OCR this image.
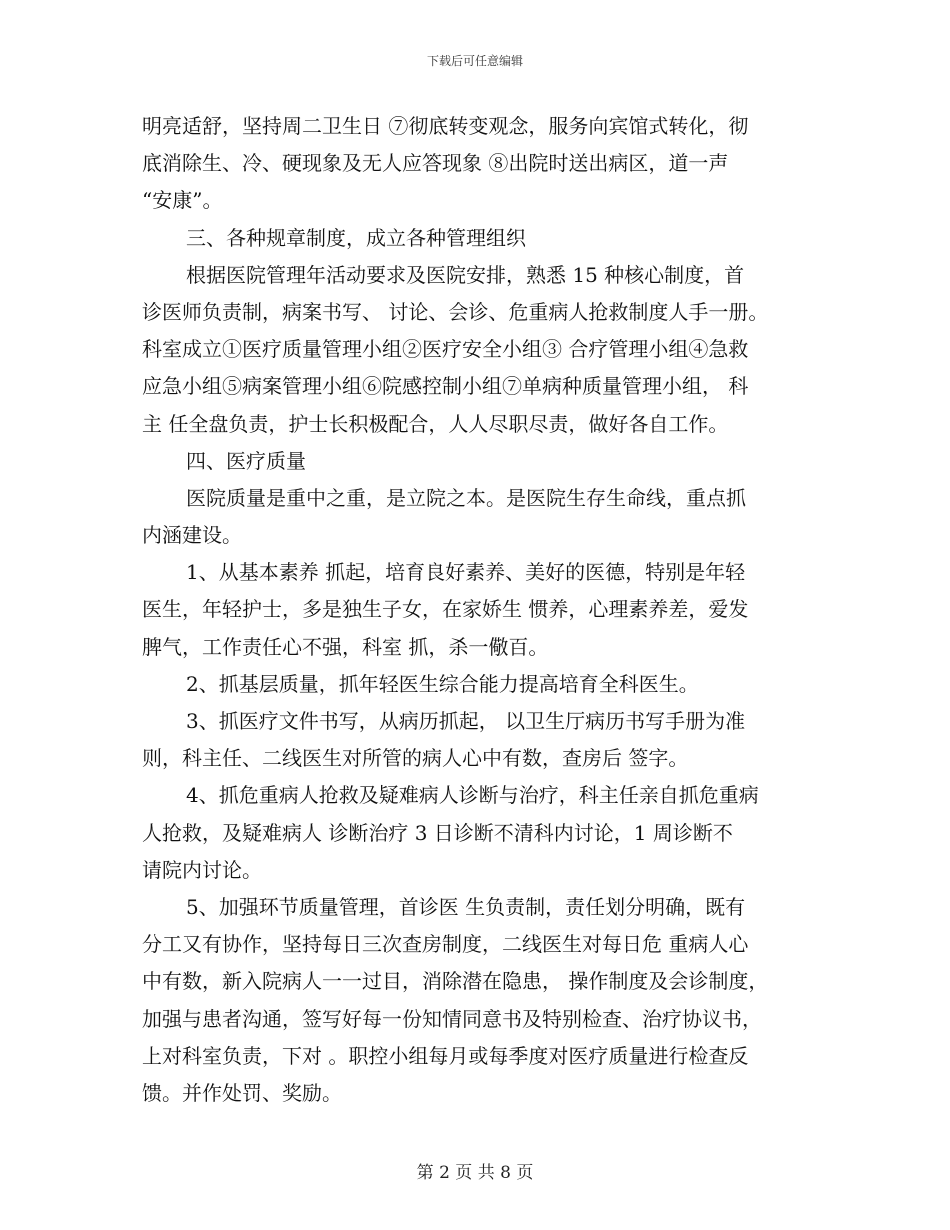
下载后可任意编辑
明亮适舒，坚持周二卫生日 ⑦彻底转变观念，服务向宾馆式转化，彻
底消除生、冷、硬现象及无人应答现象 ⑧出院时送出病区，道一声
“安康”。
三、各种规章制度，成立各种管理组织
根据医院管理年活动要求及医院安排，熟悉 15 种核心制度，首
诊医师负责制，病案书写、 讨论、会诊、危重病人抢救制度人手一册。
科室成立①医疗质量管理小组②医疗安全小组③ 合疗管理小组④急救
应急小组⑤病案管理小组⑥院感控制小组⑦单病种质量管理小组， 科
主 任全盘负责，护士长积极配合，人人尽职尽责，做好各自工作。
四、医疗质量
医院质量是重中之重，是立院之本。是医院生存生命线，重点抓
内涵建设。
1、从基本素养 抓起，培育良好素养、美好的医德，特别是年轻
医生，年轻护士，多是独生子女，在家娇生 惯养，心理素养差，爱发
脾气，工作责任心不强，科室 抓，杀一儆百。
2、抓基层质量，抓年轻医生综合能力提高培育全科医生。
3、抓医疗文件书写，从病历抓起， 以卫生厅病历书写手册为准
则，科主任、二线医生对所管的病人心中有数，查房后 签字。
4、抓危重病人抢救及疑难病人诊断与治疗，科主任亲自抓危重病
人抢救，及疑难病人 诊断治疗 3 日诊断不清科内讨论，1 周诊断不
请院内讨论。
5、加强环节质量管理，首诊医 生负责制，责任划分明确，既有
分工又有协作，坚持每日三次查房制度，二线医生对每日危 重病人心
中有数，新入院病人一一过目，消除潜在隐患， 操作制度及会诊制度，
加强与患者沟通，签写好每一份知情同意书及特别检查、治疗协议书，
上对科室负责，下对 。职控小组每月或每季度对医疗质量进行检查反
馈。并作处罚、奖励。
第 2 页 共 8 页
